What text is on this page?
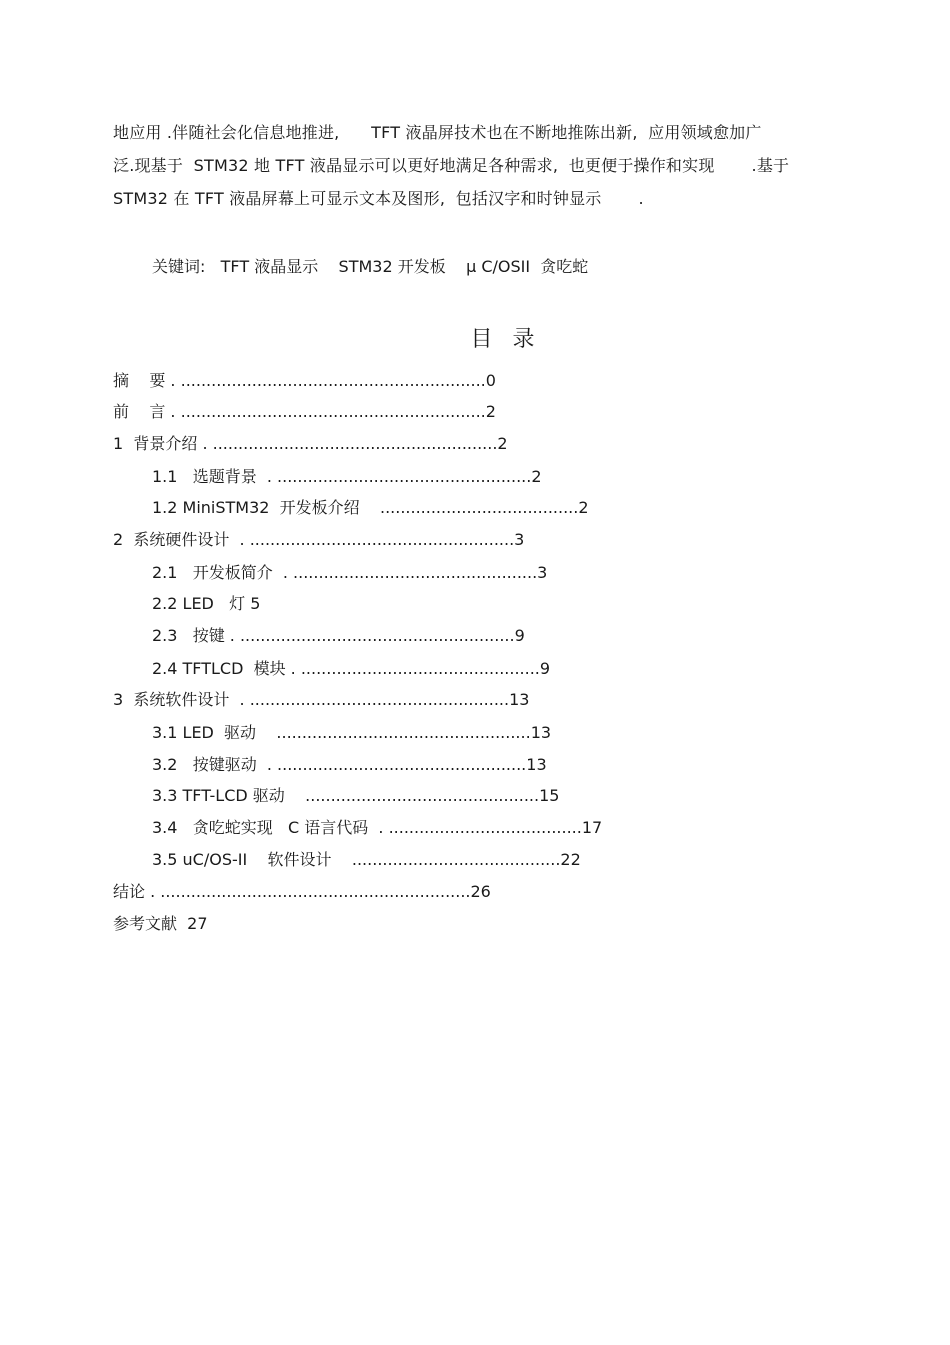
地应用 .伴随社会化信息地推进,      TFT 液晶屏技术也在不断地推陈出新,  应用领域愈加广
泛.现基于  STM32 地 TFT 液晶显示可以更好地满足各种需求,  也更便于操作和实现       .基于
STM32 在 TFT 液晶屏幕上可显示文本及图形,  包括汉字和时钟显示       .
关键词:   TFT 液晶显示    STM32 开发板    μ C/OSII  贪吃蛇
目录
摘    要 . ............................................................0
前    言 . ............................................................2
1  背景介绍 . ........................................................2
1.1   选题背景  . ..................................................2
1.2 MiniSTM32  开发板介绍    .......................................2
2  系统硬件设计  . ....................................................3
2.1   开发板简介  . ................................................3
2.2 LED   灯 5
2.3   按键 . ......................................................9
2.4 TFTLCD  模块 . ...............................................9
3  系统软件设计  . ...................................................13
3.1 LED  驱动    ..................................................13
3.2   按键驱动  . .................................................13
3.3 TFT-LCD 驱动    ..............................................15
3.4   贪吃蛇实现   C 语言代码  . ......................................17
3.5 uC/OS-II    软件设计    .........................................22
结论 . .............................................................26
参考文献  27
